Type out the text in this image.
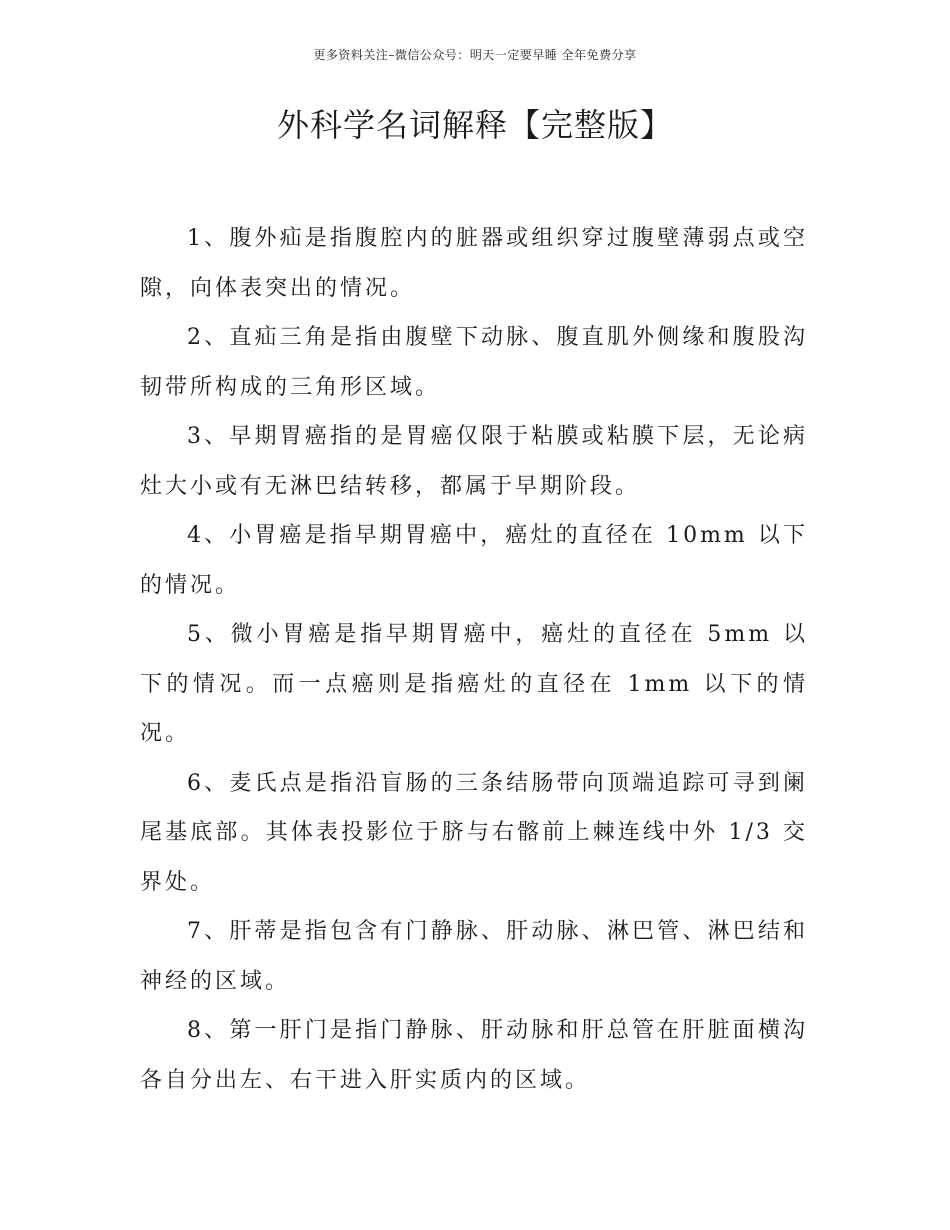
更多资料关注–微信公众号：明天一定要早睡 全年免费分享
外科学名词解释【完整版】

1、腹外疝是指腹腔内的脏器或组织穿过腹壁薄弱点或空隙，向体表突出的情况。

2、直疝三角是指由腹壁下动脉、腹直肌外侧缘和腹股沟韧带所构成的三角形区域。

3、早期胃癌指的是胃癌仅限于粘膜或粘膜下层，无论病灶大小或有无淋巴结转移，都属于早期阶段。

4、小胃癌是指早期胃癌中，癌灶的直径在 10mm 以下的情况。

5、微小胃癌是指早期胃癌中，癌灶的直径在 5mm 以下的情况。而一点癌则是指癌灶的直径在 1mm 以下的情况。

6、麦氏点是指沿盲肠的三条结肠带向顶端追踪可寻到阑尾基底部。其体表投影位于脐与右髂前上棘连线中外 1/3 交界处。

7、肝蒂是指包含有门静脉、肝动脉、淋巴管、淋巴结和神经的区域。

8、第一肝门是指门静脉、肝动脉和肝总管在肝脏面横沟各自分出左、右干进入肝实质内的区域。
